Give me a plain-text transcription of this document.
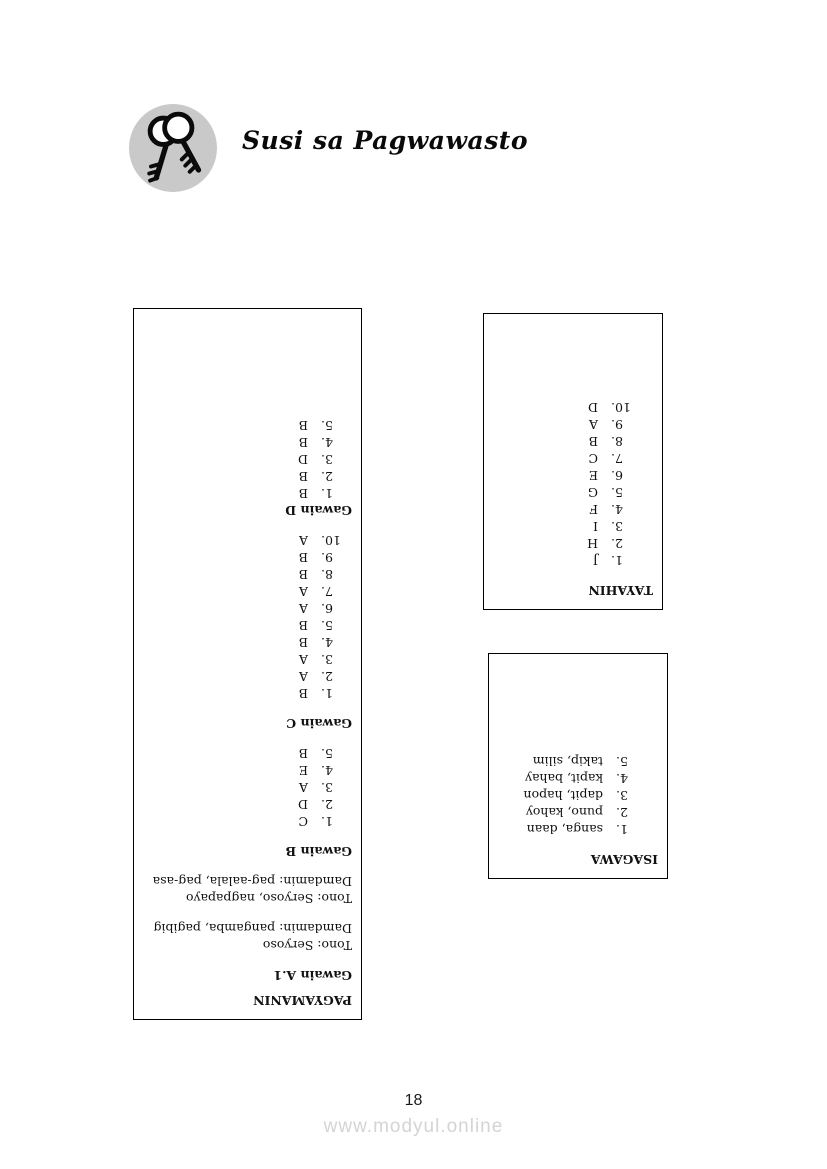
Susi sa Pagwawasto
PAGYAMANIN
Gawain A.1
Tono: Seryoso
Damdamin: pangamba, pagibig
Tono: Seryoso, nagpapayo
Damdamin: pag-aalala, pag-asa
Gawain B
1.C
2.D
3.A
4.E
5.B
Gawain C
1.B
2.A
3.A
4.B
5.B
6.A
7.A
8.B
9.B
10.A
Gawain D
1.B
2.B
3.D
4.B
5.B
TAYAHIN
1.J
2.H
3.I
4.F
5.G
6.E
7.C
8.B
9.A
10.D
ISAGAWA
1.sanga, daan
2.puno, kahoy
3.dapit, hapon
4.kapit, bahay
5.takip, silim
18
www.modyul.online
